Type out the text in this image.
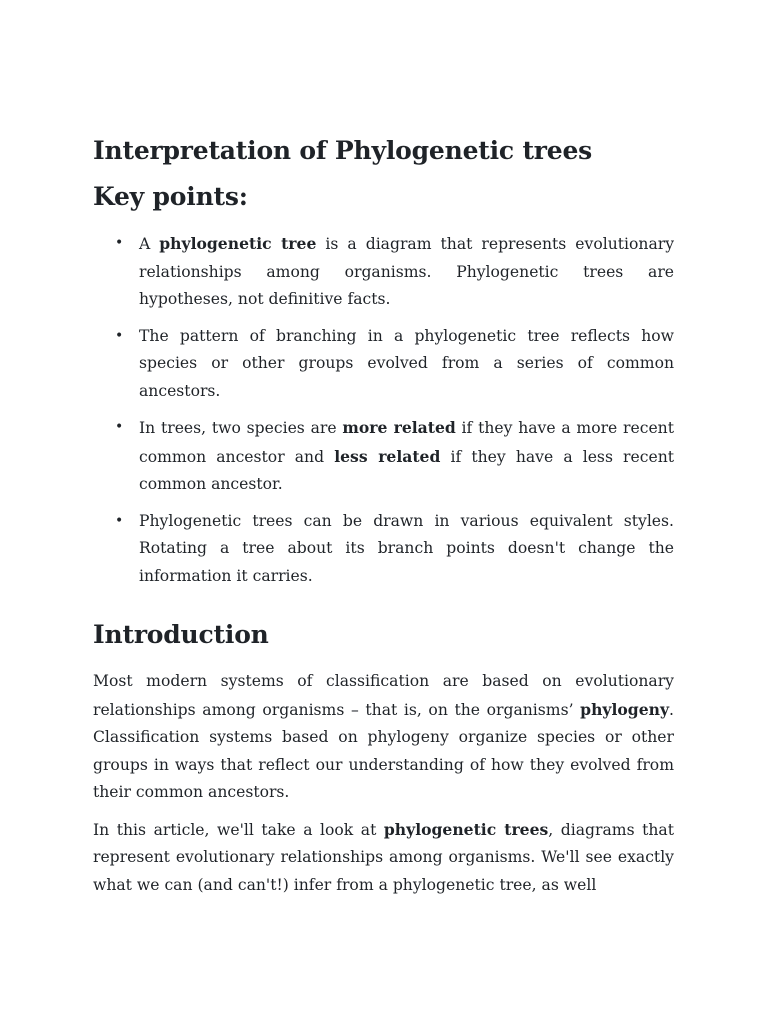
Interpretation of Phylogenetic trees
Key points:
• A phylogenetic tree is a diagram that represents evolutionary relationships among organisms. Phylogenetic trees are hypotheses, not definitive facts.

• The pattern of branching in a phylogenetic tree reflects how species or other groups evolved from a series of common ancestors.

• In trees, two species are more related if they have a more recent common ancestor and less related if they have a less recent common ancestor.

• Phylogenetic trees can be drawn in various equivalent styles. Rotating a tree about its branch points doesn't change the information it carries.

Introduction

Most modern systems of classification are based on evolutionary relationships among organisms – that is, on the organisms’ phylogeny. Classification systems based on phylogeny organize species or other groups in ways that reflect our understanding of how they evolved from their common ancestors.

In this article, we'll take a look at phylogenetic trees, diagrams that represent evolutionary relationships among organisms. We'll see exactly what we can (and can't!) infer from a phylogenetic tree, as well
